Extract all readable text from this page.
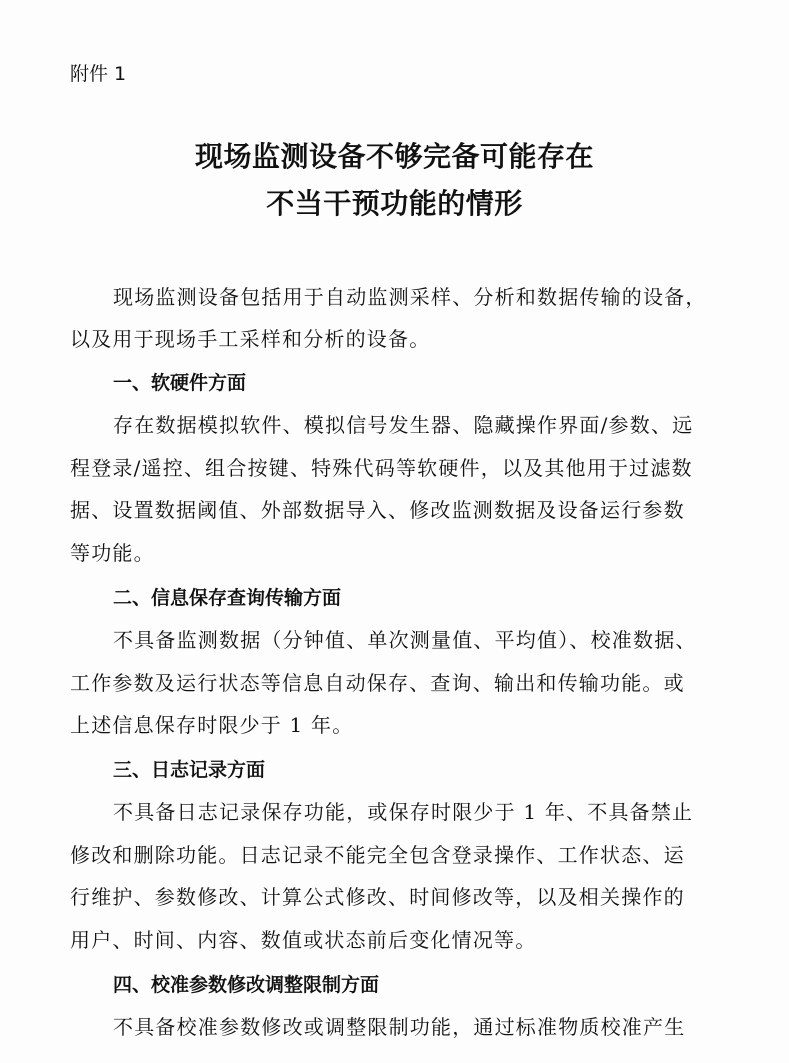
附件 1
现场监测设备不够完备可能存在
不当干预功能的情形
现场监测设备包括用于自动监测采样、分析和数据传输的设备，
以及用于现场手工采样和分析的设备。
一、软硬件方面
存在数据模拟软件、模拟信号发生器、隐藏操作界面/参数、远
程登录/遥控、组合按键、特殊代码等软硬件，以及其他用于过滤数
据、设置数据阈值、外部数据导入、修改监测数据及设备运行参数
等功能。
二、信息保存查询传输方面
不具备监测数据（分钟值、单次测量值、平均值）、校准数据、
工作参数及运行状态等信息自动保存、查询、输出和传输功能。或
上述信息保存时限少于 1 年。
三、日志记录方面
不具备日志记录保存功能，或保存时限少于 1 年、不具备禁止
修改和删除功能。日志记录不能完全包含登录操作、工作状态、运
行维护、参数修改、计算公式修改、时间修改等，以及相关操作的
用户、时间、内容、数值或状态前后变化情况等。
四、校准参数修改调整限制方面
不具备校准参数修改或调整限制功能，通过标准物质校准产生
